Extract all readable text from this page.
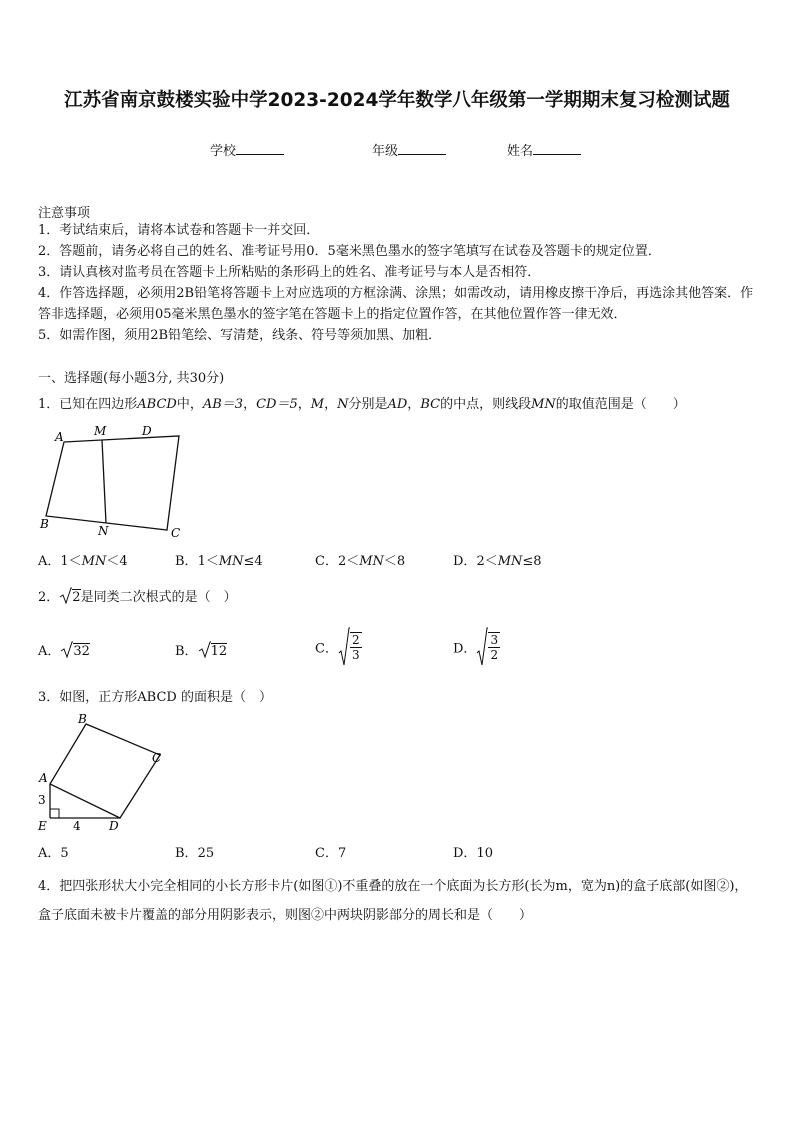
江苏省南京鼓楼实验中学2023-2024学年数学八年级第一学期期末复习检测试题
学校	年级	姓名
注意事项
1．考试结束后，请将本试卷和答题卡一并交回．
2．答题前，请务必将自己的姓名、准考证号用0．5毫米黑色墨水的签字笔填写在试卷及答题卡的规定位置．
3．请认真核对监考员在答题卡上所粘贴的条形码上的姓名、准考证号与本人是否相符．
4．作答选择题，必须用2B铅笔将答题卡上对应选项的方框涂满、涂黑；如需改动，请用橡皮擦干净后，再选涂其他答案．作答非选择题，必须用05毫米黑色墨水的签字笔在答题卡上的指定位置作答，在其他位置作答一律无效．
5．如需作图，须用2B铅笔绘、写清楚，线条、符号等须加黑、加粗．
一、选择题(每小题3分, 共30分)
1．已知在四边形ABCD中，AB＝3，CD＝5，M，N分别是AD，BC的中点，则线段MN的取值范围是（　　）
A	M	D
B	N	C
A．1＜MN＜4	B．1＜MN≤4	C．2＜MN＜8	D．2＜MN≤8
2． 2是同类二次根式的是（　）
A． 32	B． 12	C． $\frac{2}{3}$	D． $\frac{3}{2}$
3．如图，正方形ABCD 的面积是（　）
A
B
C
D
E
3
4
A．5	B．25	C．7	D．10
4．把四张形状大小完全相同的小长方形卡片(如图①)不重叠的放在一个底面为长方形(长为m，宽为n)的盒子底部(如图②)，盒子底面未被卡片覆盖的部分用阴影表示，则图②中两块阴影部分的周长和是（　　）
